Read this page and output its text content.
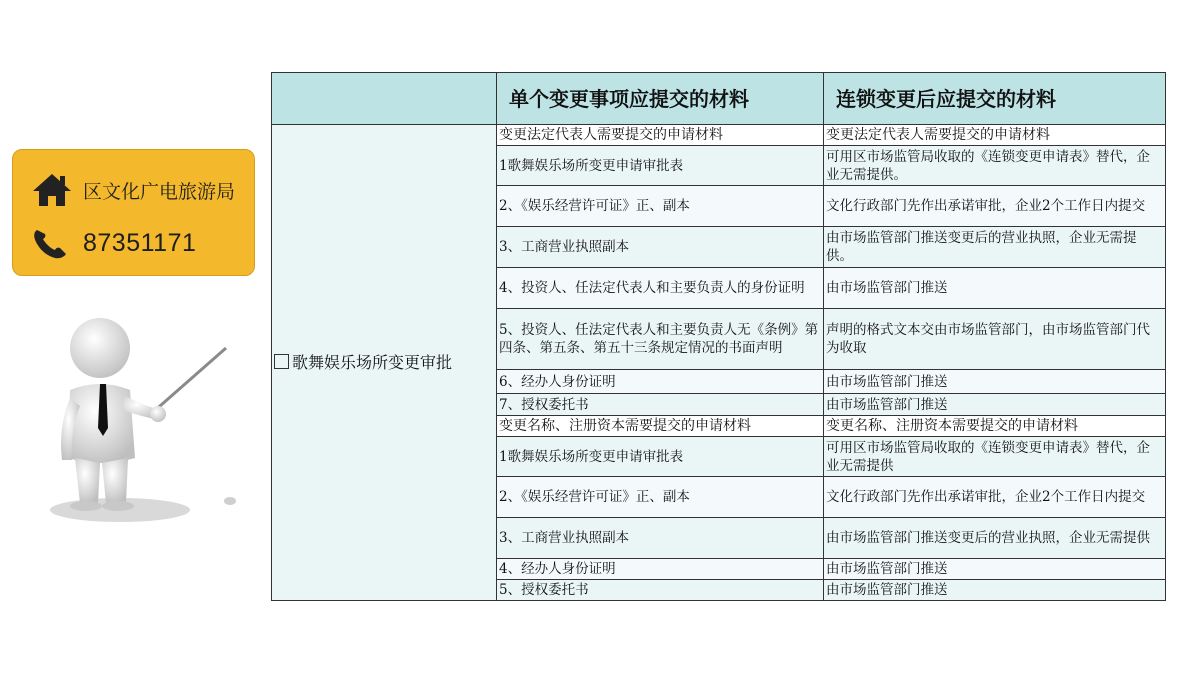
区文化广电旅游局
87351171
	单个变更事项应提交的材料	连锁变更后应提交的材料
歌舞娱乐场所变更审批	变更法定代表人需要提交的申请材料	变更法定代表人需要提交的申请材料
	1歌舞娱乐场所变更申请审批表	可用区市场监管局收取的《连锁变更申请表》替代，企业无需提供。
	2、《娱乐经营许可证》正、副本	文化行政部门先作出承诺审批，企业2个工作日内提交
	3、工商营业执照副本	由市场监管部门推送变更后的营业执照，企业无需提供。
	4、投资人、任法定代表人和主要负责人的身份证明	由市场监管部门推送
	5、投资人、任法定代表人和主要负责人无《条例》第四条、第五条、第五十三条规定情况的书面声明	声明的格式文本交由市场监管部门，由市场监管部门代为收取
	6、经办人身份证明	由市场监管部门推送
	7、授权委托书	由市场监管部门推送
	变更名称、注册资本需要提交的申请材料	变更名称、注册资本需要提交的申请材料
	1歌舞娱乐场所变更申请审批表	可用区市场监管局收取的《连锁变更申请表》替代，企业无需提供
	2、《娱乐经营许可证》正、副本	文化行政部门先作出承诺审批，企业2个工作日内提交
	3、工商营业执照副本	由市场监管部门推送变更后的营业执照，企业无需提供
	4、经办人身份证明	由市场监管部门推送
	5、授权委托书	由市场监管部门推送
